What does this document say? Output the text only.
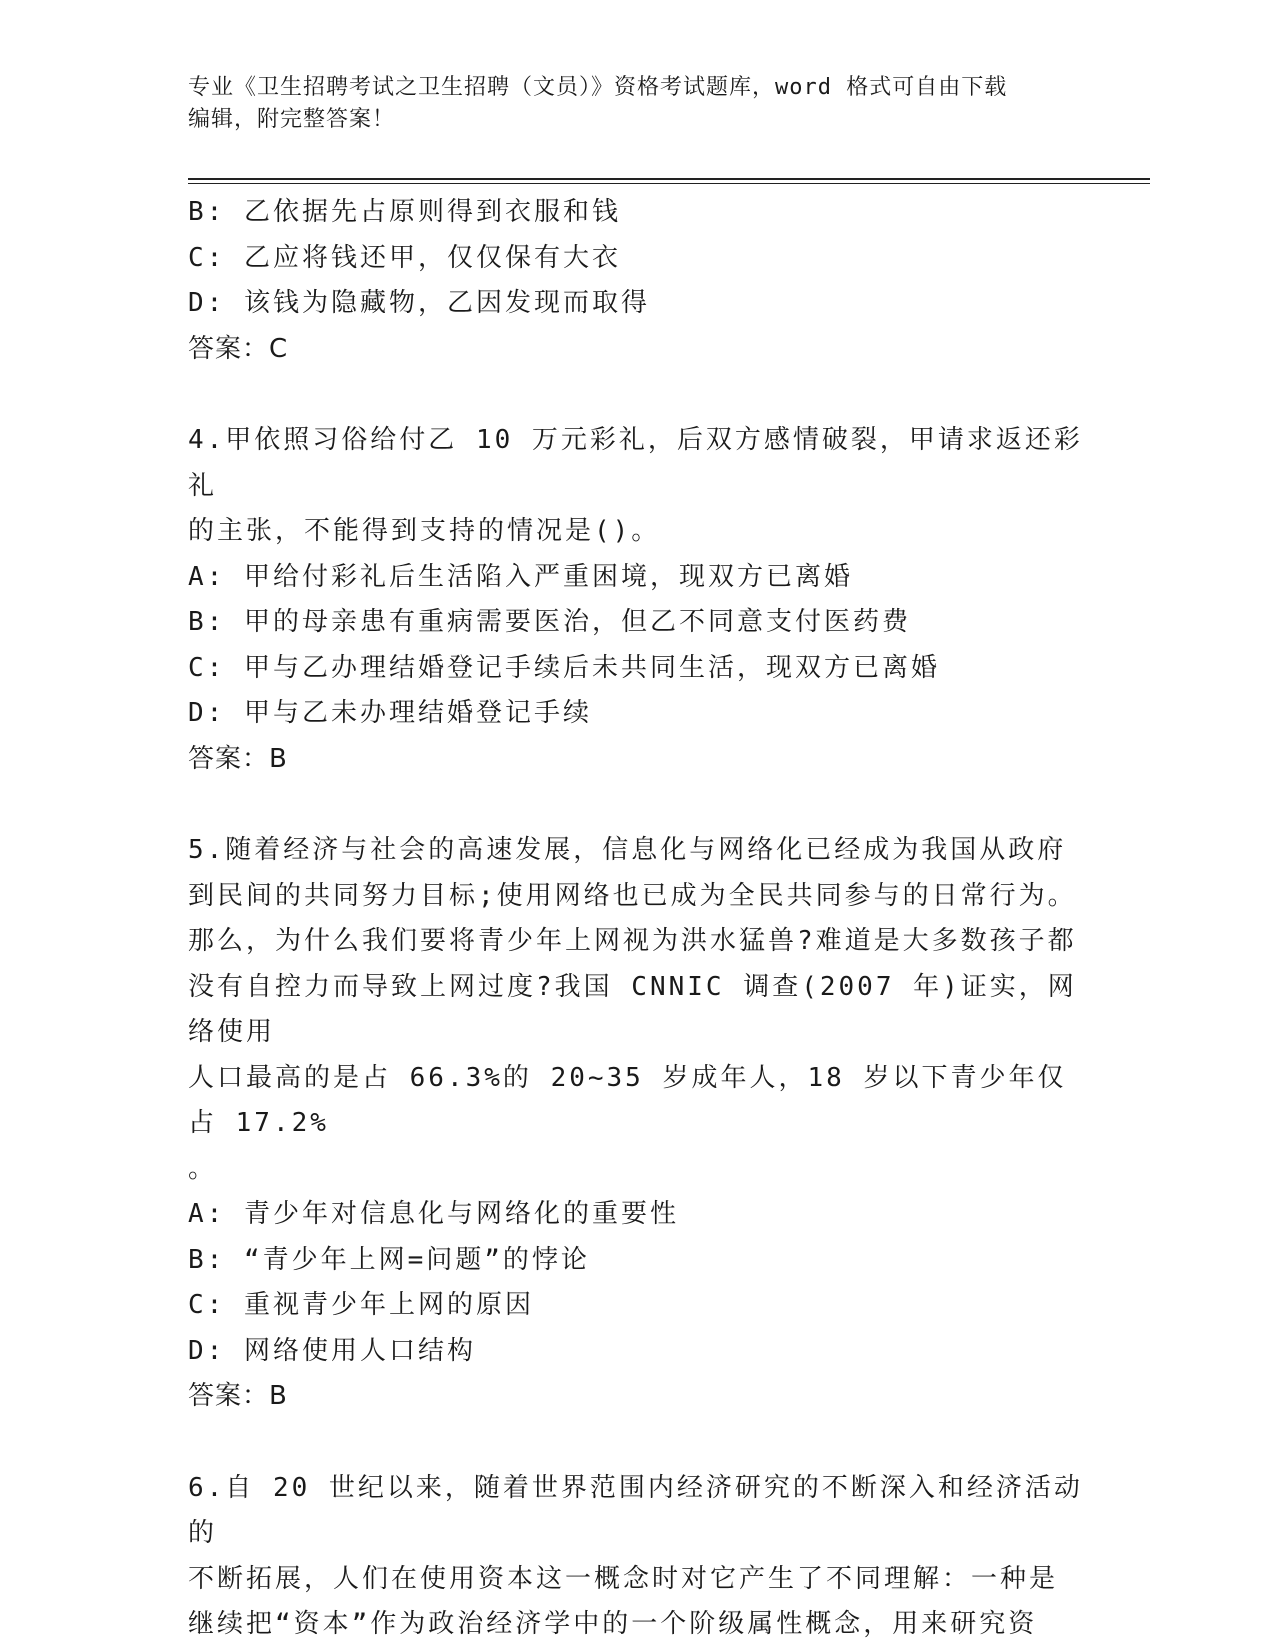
专业《卫生招聘考试之卫生招聘（文员）》资格考试题库，word 格式可自由下载
编辑，附完整答案！
B: 乙依据先占原则得到衣服和钱
C: 乙应将钱还甲，仅仅保有大衣
D: 该钱为隐藏物，乙因发现而取得
答案：C
4.甲依照习俗给付乙 10 万元彩礼，后双方感情破裂，甲请求返还彩礼
的主张，不能得到支持的情况是()。
A: 甲给付彩礼后生活陷入严重困境，现双方已离婚
B: 甲的母亲患有重病需要医治，但乙不同意支付医药费
C: 甲与乙办理结婚登记手续后未共同生活，现双方已离婚
D: 甲与乙未办理结婚登记手续
答案：B
5.随着经济与社会的高速发展，信息化与网络化已经成为我国从政府
到民间的共同努力目标;使用网络也已成为全民共同参与的日常行为。
那么，为什么我们要将青少年上网视为洪水猛兽?难道是大多数孩子都
没有自控力而导致上网过度?我国 CNNIC 调查(2007 年)证实，网络使用
人口最高的是占 66.3%的 20~35 岁成年人，18 岁以下青少年仅占 17.2%
。
A: 青少年对信息化与网络化的重要性
B: “青少年上网=问题”的悖论
C: 重视青少年上网的原因
D: 网络使用人口结构
答案：B
6.自 20 世纪以来，随着世界范围内经济研究的不断深入和经济活动的
不断拓展，人们在使用资本这一概念时对它产生了不同理解：一种是
继续把“资本”作为政治经济学中的一个阶级属性概念，用来研究资
